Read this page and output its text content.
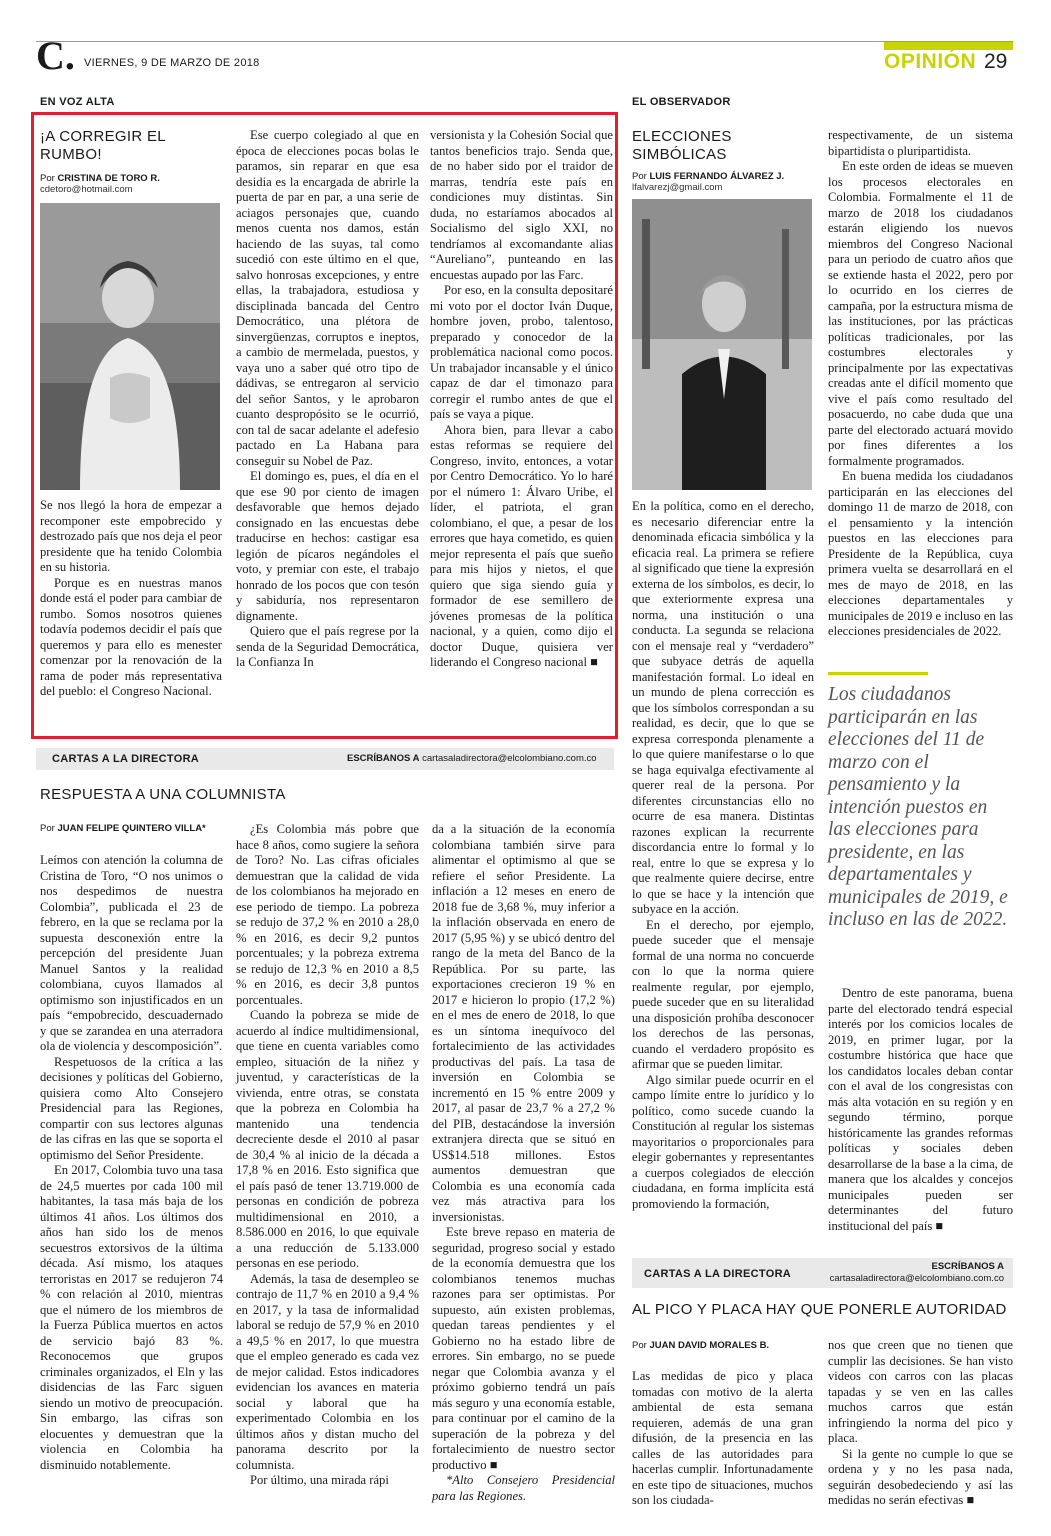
C. VIERNES, 9 DE MARZO DE 2018	OPINIÓN 29
EN VOZ ALTA
¡A CORREGIR EL RUMBO!
Por CRISTINA DE TORO R.
cdetoro@hotmail.com

Se nos llegó la hora de empezar a recomponer este empobrecido y destrozado país que nos deja el peor presidente que ha tenido Colombia en su historia.

Porque es en nuestras manos donde está el poder para cambiar de rumbo. Somos nosotros quienes todavía podemos decidir el país que queremos y para ello es menester comenzar por la renovación de la rama de poder más representativa del pueblo: el Congreso Nacional.

Ese cuerpo colegiado al que en época de elecciones pocas bolas le paramos, sin reparar en que esa desidia es la encargada de abrirle la puerta de par en par, a una serie de aciagos personajes que, cuando menos cuenta nos damos, están haciendo de las suyas, tal como sucedió con este último en el que, salvo honrosas excepciones, y entre ellas, la trabajadora, estudiosa y disciplinada bancada del Centro Democrático, una plétora de sinvergüenzas, corruptos e ineptos, a cambio de mermelada, puestos, y vaya uno a saber qué otro tipo de dádivas, se entregaron al servicio del señor Santos, y le aprobaron cuanto despropósito se le ocurrió, con tal de sacar adelante el adefesio pactado en La Habana para conseguir su Nobel de Paz.

El domingo es, pues, el día en el que ese 90 por ciento de imagen desfavorable que hemos dejado consignado en las encuestas debe traducirse en hechos: castigar esa legión de pícaros negándoles el voto, y premiar con este, el trabajo honrado de los pocos que con tesón y sabiduría, nos representaron dignamente.

Quiero que el país regrese por la senda de la Seguridad Democrática, la Confianza In

versionista y la Cohesión Social que tantos beneficios trajo. Senda que, de no haber sido por el traidor de marras, tendría este país en condiciones muy distintas. Sin duda, no estaríamos abocados al Socialismo del siglo XXI, no tendríamos al excomandante alias “Aureliano”, punteando en las encuestas aupado por las Farc.

Por eso, en la consulta depositaré mi voto por el doctor Iván Duque, hombre joven, probo, talentoso, preparado y conocedor de la problemática nacional como pocos. Un trabajador incansable y el único capaz de dar el timonazo para corregir el rumbo antes de que el país se vaya a pique.

Ahora bien, para llevar a cabo estas reformas se requiere del Congreso, invito, entonces, a votar por Centro Democrático. Yo lo haré por el número 1: Álvaro Uribe, el líder, el patriota, el gran colombiano, el que, a pesar de los errores que haya cometido, es quien mejor representa el país que sueño para mis hijos y nietos, el que quiero que siga siendo guía y formador de ese semillero de jóvenes promesas de la política nacional, y a quien, como dijo el doctor Duque, quisiera ver liderando el Congreso nacional ■

CARTAS A LA DIRECTORA	ESCRÍBANOS A cartasaladirectora@elcolombiano.com.co
RESPUESTA A UNA COLUMNISTA
Por JUAN FELIPE QUINTERO VILLA*

Leímos con atención la columna de Cristina de Toro, “O nos unimos o nos despedimos de nuestra Colombia”, publicada el 23 de febrero, en la que se reclama por la supuesta desconexión entre la percepción del presidente Juan Manuel Santos y la realidad colombiana, cuyos llamados al optimismo son injustificados en un país “empobrecido, descuadernado y que se zarandea en una aterradora ola de violencia y descomposición”.

Respetuosos de la crítica a las decisiones y políticas del Gobierno, quisiera como Alto Consejero Presidencial para las Regiones, compartir con sus lectores algunas de las cifras en las que se soporta el optimismo del Señor Presidente.

En 2017, Colombia tuvo una tasa de 24,5 muertes por cada 100 mil habitantes, la tasa más baja de los últimos 41 años. Los últimos dos años han sido los de menos secuestros extorsivos de la última década. Así mismo, los ataques terroristas en 2017 se redujeron 74 % con relación al 2010, mientras que el número de los miembros de la Fuerza Pública muertos en actos de servicio bajó 83 %. Reconocemos que grupos criminales organizados, el Eln y las disidencias de las Farc siguen siendo un motivo de preocupación. Sin embargo, las cifras son elocuentes y demuestran que la violencia en Colombia ha disminuido notablemente.

¿Es Colombia más pobre que hace 8 años, como sugiere la señora de Toro? No. Las cifras oficiales demuestran que la calidad de vida de los colombianos ha mejorado en ese periodo de tiempo. La pobreza se redujo de 37,2 % en 2010 a 28,0 % en 2016, es decir 9,2 puntos porcentuales; y la pobreza extrema se redujo de 12,3 % en 2010 a 8,5 % en 2016, es decir 3,8 puntos porcentuales.

Cuando la pobreza se mide de acuerdo al índice multidimensional, que tiene en cuenta variables como empleo, situación de la niñez y juventud, y características de la vivienda, entre otras, se constata que la pobreza en Colombia ha mantenido una tendencia decreciente desde el 2010 al pasar de 30,4 % al inicio de la década a 17,8 % en 2016. Esto significa que el país pasó de tener 13.719.000 de personas en condición de pobreza multidimensional en 2010, a 8.586.000 en 2016, lo que equivale a una reducción de 5.133.000 personas en ese periodo.

Además, la tasa de desempleo se contrajo de 11,7 % en 2010 a 9,4 % en 2017, y la tasa de informalidad laboral se redujo de 57,9 % en 2010 a 49,5 % en 2017, lo que muestra que el empleo generado es cada vez de mejor calidad. Estos indicadores evidencian los avances en materia social y laboral que ha experimentado Colombia en los últimos años y distan mucho del panorama descrito por la columnista.

Por último, una mirada rápi

da a la situación de la economía colombiana también sirve para alimentar el optimismo al que se refiere el señor Presidente. La inflación a 12 meses en enero de 2018 fue de 3,68 %, muy inferior a la inflación observada en enero de 2017 (5,95 %) y se ubicó dentro del rango de la meta del Banco de la República. Por su parte, las exportaciones crecieron 19 % en 2017 e hicieron lo propio (17,2 %) en el mes de enero de 2018, lo que es un síntoma inequívoco del fortalecimiento de las actividades productivas del país. La tasa de inversión en Colombia se incrementó en 15 % entre 2009 y 2017, al pasar de 23,7 % a 27,2 % del PIB, destacándose la inversión extranjera directa que se situó en US$14.518 millones. Estos aumentos demuestran que Colombia es una economía cada vez más atractiva para los inversionistas.

Este breve repaso en materia de seguridad, progreso social y estado de la economía demuestra que los colombianos tenemos muchas razones para ser optimistas. Por supuesto, aún existen problemas, quedan tareas pendientes y el Gobierno no ha estado libre de errores. Sin embargo, no se puede negar que Colombia avanza y el próximo gobierno tendrá un país más seguro y una economía estable, para continuar por el camino de la superación de la pobreza y del fortalecimiento de nuestro sector productivo ■

*Alto Consejero Presidencial para las Regiones.

EL OBSERVADOR
ELECCIONES SIMBÓLICAS
Por LUIS FERNANDO ÁLVAREZ J.
lfalvarezj@gmail.com

En la política, como en el derecho, es necesario diferenciar entre la denominada eficacia simbólica y la eficacia real. La primera se refiere al significado que tiene la expresión externa de los símbolos, es decir, lo que exteriormente expresa una norma, una institución o una conducta. La segunda se relaciona con el mensaje real y “verdadero” que subyace detrás de aquella manifestación formal. Lo ideal en un mundo de plena corrección es que los símbolos correspondan a su realidad, es decir, que lo que se expresa corresponda plenamente a lo que quiere manifestarse o lo que se haga equivalga efectivamente al querer real de la persona. Por diferentes circunstancias ello no ocurre de esa manera. Distintas razones explican la recurrente discordancia entre lo formal y lo real, entre lo que se expresa y lo que realmente quiere decirse, entre lo que se hace y la intención que subyace en la acción.

En el derecho, por ejemplo, puede suceder que el mensaje formal de una norma no concuerde con lo que la norma quiere realmente regular, por ejemplo, puede suceder que en su literalidad una disposición prohíba desconocer los derechos de las personas, cuando el verdadero propósito es afirmar que se pueden limitar.

Algo similar puede ocurrir en el campo límite entre lo jurídico y lo político, como sucede cuando la Constitución al regular los sistemas mayoritarios o proporcionales para elegir gobernantes y representantes a cuerpos colegiados de elección ciudadana, en forma implícita está promoviendo la formación,

respectivamente, de un sistema bipartidista o pluripartidista.

En este orden de ideas se mueven los procesos electorales en Colombia. Formalmente el 11 de marzo de 2018 los ciudadanos estarán eligiendo los nuevos miembros del Congreso Nacional para un periodo de cuatro años que se extiende hasta el 2022, pero por lo ocurrido en los cierres de campaña, por la estructura misma de las instituciones, por las prácticas políticas tradicionales, por las costumbres electorales y principalmente por las expectativas creadas ante el difícil momento que vive el país como resultado del posacuerdo, no cabe duda que una parte del electorado actuará movido por fines diferentes a los formalmente programados.

En buena medida los ciudadanos participarán en las elecciones del domingo 11 de marzo de 2018, con el pensamiento y la intención puestos en las elecciones para Presidente de la República, cuya primera vuelta se desarrollará en el mes de mayo de 2018, en las elecciones departamentales y municipales de 2019 e incluso en las elecciones presidenciales de 2022.

Los ciudadanos participarán en las elecciones del 11 de marzo con el pensamiento y la intención puestos en las elecciones para presidente, en las departamentales y municipales de 2019, e incluso en las de 2022.

Dentro de este panorama, buena parte del electorado tendrá especial interés por los comicios locales de 2019, en primer lugar, por la costumbre histórica que hace que los candidatos locales deban contar con el aval de los congresistas con más alta votación en su región y en segundo término, porque históricamente las grandes reformas políticas y sociales deben desarrollarse de la base a la cima, de manera que los alcaldes y concejos municipales pueden ser determinantes del futuro institucional del país ■

CARTAS A LA DIRECTORA
ESCRÍBANOS A
cartasaladirectora@elcolombiano.com.co
AL PICO Y PLACA HAY QUE PONERLE AUTORIDAD
Por JUAN DAVID MORALES B.

Las medidas de pico y placa tomadas con motivo de la alerta ambiental de esta semana requieren, además de una gran difusión, de la presencia en las calles de las autoridades para hacerlas cumplir. Infortunadamente en este tipo de situaciones, muchos son los ciudada-

nos que creen que no tienen que cumplir las decisiones. Se han visto videos con carros con las placas tapadas y se ven en las calles muchos carros que están infringiendo la norma del pico y placa.

Si la gente no cumple lo que se ordena y y no les pasa nada, seguirán desobedeciendo y así las medidas no serán efectivas ■
